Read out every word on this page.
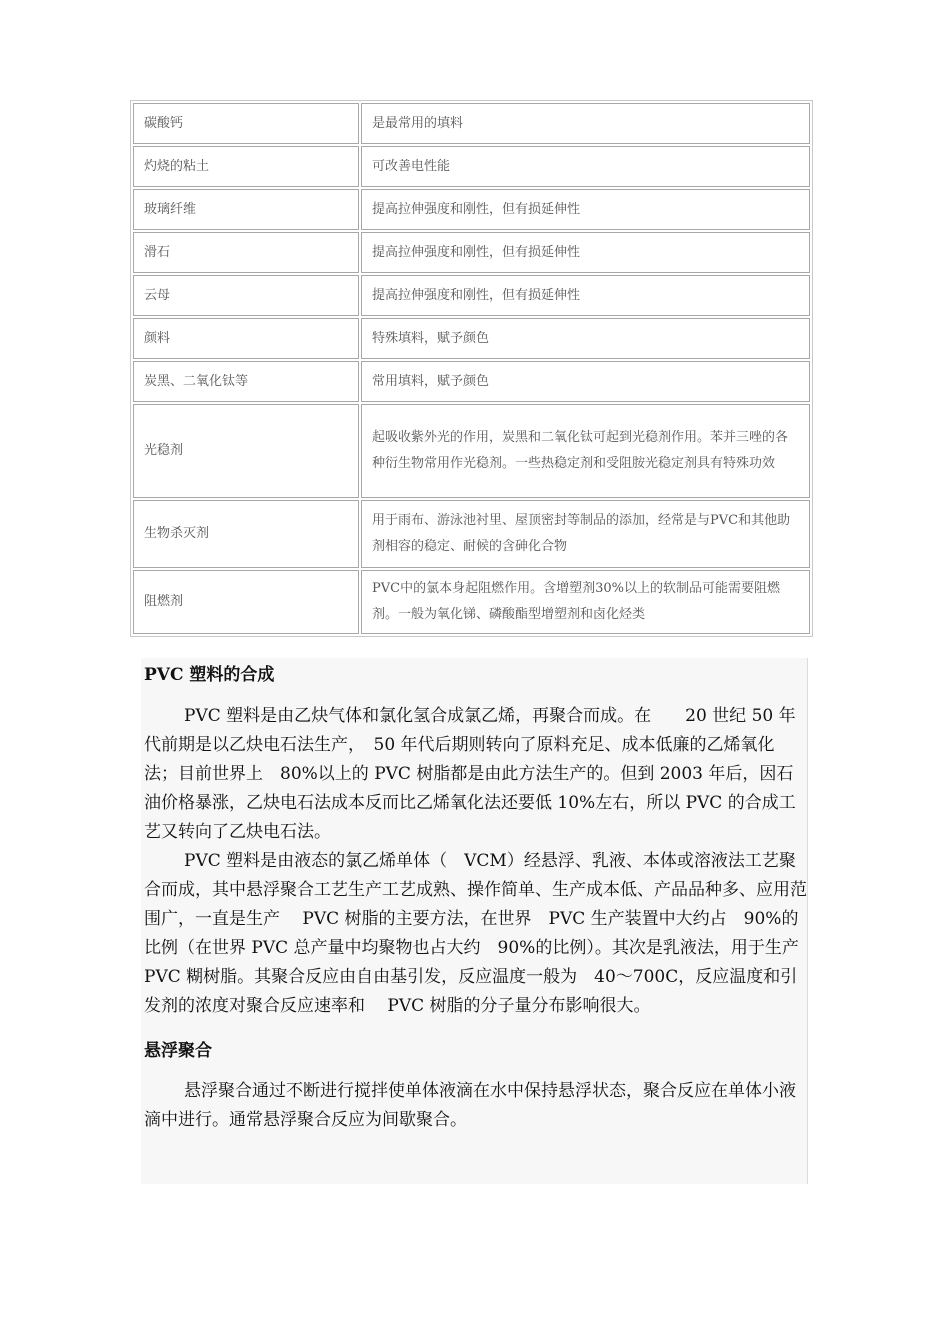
碳酸钙	是最常用的填料
灼烧的粘土	可改善电性能
玻璃纤维	提高拉伸强度和刚性，但有损延伸性
滑石	提高拉伸强度和刚性，但有损延伸性
云母	提高拉伸强度和刚性，但有损延伸性
颜料	特殊填料，赋予颜色
炭黑、二氧化钛等	常用填料，赋予颜色
光稳剂	起吸收紫外光的作用，炭黑和二氧化钛可起到光稳剂作用。苯并三唑的各种衍生物常用作光稳剂。一些热稳定剂和受阻胺光稳定剂具有特殊功效
生物杀灭剂	用于雨布、游泳池衬里、屋顶密封等制品的添加，经常是与PVC和其他助剂相容的稳定、耐候的含砷化合物
阻燃剂	PVC中的氯本身起阻燃作用。含增塑剂30%以上的软制品可能需要阻燃剂。一般为氧化锑、磷酸酯型增塑剂和卤化烃类
PVC 塑料的合成

PVC 塑料是由乙炔气体和氯化氢合成氯乙烯，再聚合而成。在　　20 世纪 50 年代前期是以乙炔电石法生产，　50 年代后期则转向了原料充足、成本低廉的乙烯氧化法；目前世界上　80%以上的 PVC 树脂都是由此方法生产的。但到 2003 年后，因石油价格暴涨，乙炔电石法成本反而比乙烯氧化法还要低 10%左右，所以 PVC 的合成工艺又转向了乙炔电石法。

PVC 塑料是由液态的氯乙烯单体（　VCM）经悬浮、乳液、本体或溶液法工艺聚合而成，其中悬浮聚合工艺生产工艺成熟、操作简单、生产成本低、产品品种多、应用范围广，一直是生产　 PVC 树脂的主要方法，在世界　PVC 生产装置中大约占　90%的比例（在世界 PVC 总产量中均聚物也占大约　90%的比例）。其次是乳液法，用于生产　 PVC 糊树脂。其聚合反应由自由基引发，反应温度一般为　40～700C，反应温度和引发剂的浓度对聚合反应速率和　 PVC 树脂的分子量分布影响很大。

悬浮聚合

悬浮聚合通过不断进行搅拌使单体液滴在水中保持悬浮状态，聚合反应在单体小液滴中进行。通常悬浮聚合反应为间歇聚合。
